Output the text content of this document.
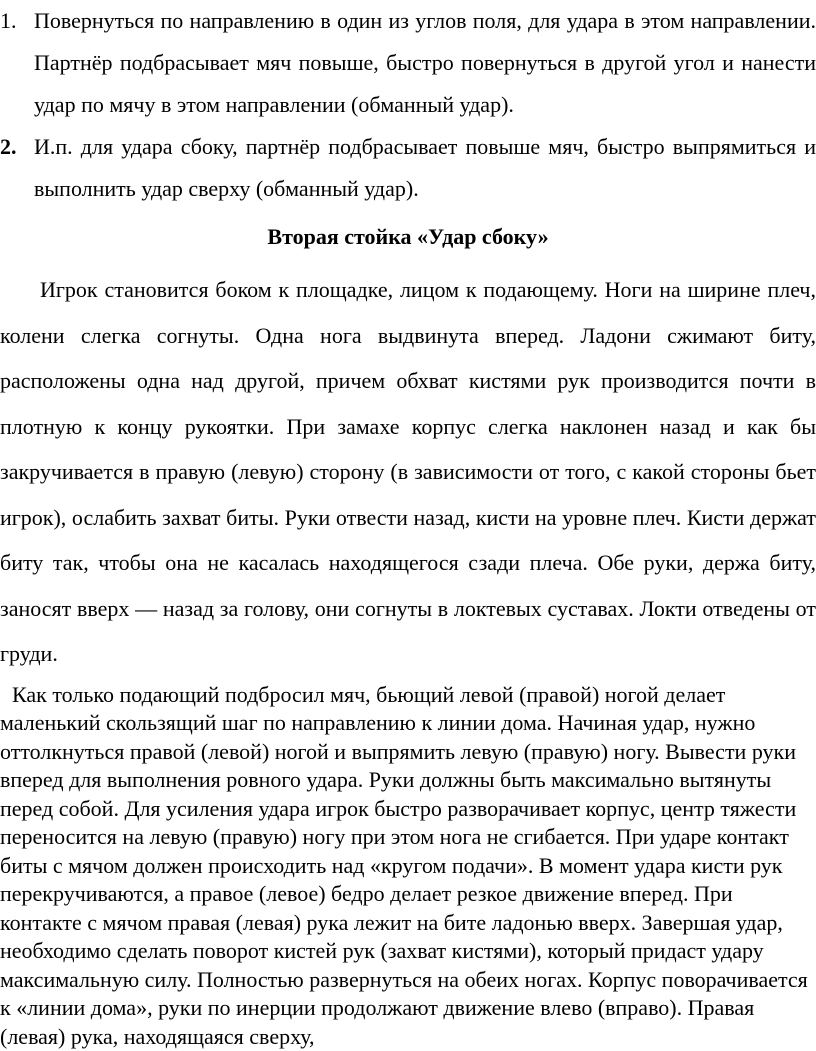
1. Повернуться по направлению в один из углов поля, для удара в этом направлении. Партнёр подбрасывает мяч повыше, быстро повернуться в другой угол и нанести удар по мячу в этом направлении (обманный удар).
2. И.п. для удара сбоку, партнёр подбрасывает повыше мяч, быстро выпрямиться и выполнить удар сверху (обманный удар).
Вторая стойка «Удар сбоку»

Игрок становится боком к площадке, лицом к подающему. Ноги на ширине плеч, колени слегка согнуты. Одна нога выдвинута вперед. Ладони сжимают биту, расположены одна над другой, причем обхват кистями рук производится почти в плотную к концу рукоятки. При замахе корпус слегка наклонен назад и как бы закручивается в правую (левую) сторону (в зависимости от того, с какой стороны бьет игрок), ослабить захват биты. Руки отвести назад, кисти на уровне плеч. Кисти держат биту так, чтобы она не касалась находящегося сзади плеча. Обе руки, держа биту, заносят вверх — назад за голову, они согнуты в локтевых суставах. Локти отведены от груди.

Как только подающий подбросил мяч, бьющий левой (правой) ногой делает маленький скользящий шаг по направлению к линии дома. Начиная удар, нужно оттолкнуться правой (левой) ногой и выпрямить левую (правую) ногу. Вывести руки вперед для выполнения ровного удара. Руки должны быть максимально вытянуты перед собой. Для усиления удара игрок быстро разворачивает корпус, центр тяжести переносится на левую (правую) ногу при этом нога не сгибается. При ударе контакт биты с мячом должен происходить над «кругом подачи». В момент удара кисти рук перекручиваются, а правое (левое) бедро делает резкое движение вперед. При контакте с мячом правая (левая) рука лежит на бите ладонью вверх. Завершая удар, необходимо сделать поворот кистей рук (захват кистями), который придаст удару максимальную силу. Полностью развернуться на обеих ногах. Корпус поворачивается к «линии дома», руки по инерции продолжают движение влево (вправо). Правая (левая) рука, находящаяся сверху,
